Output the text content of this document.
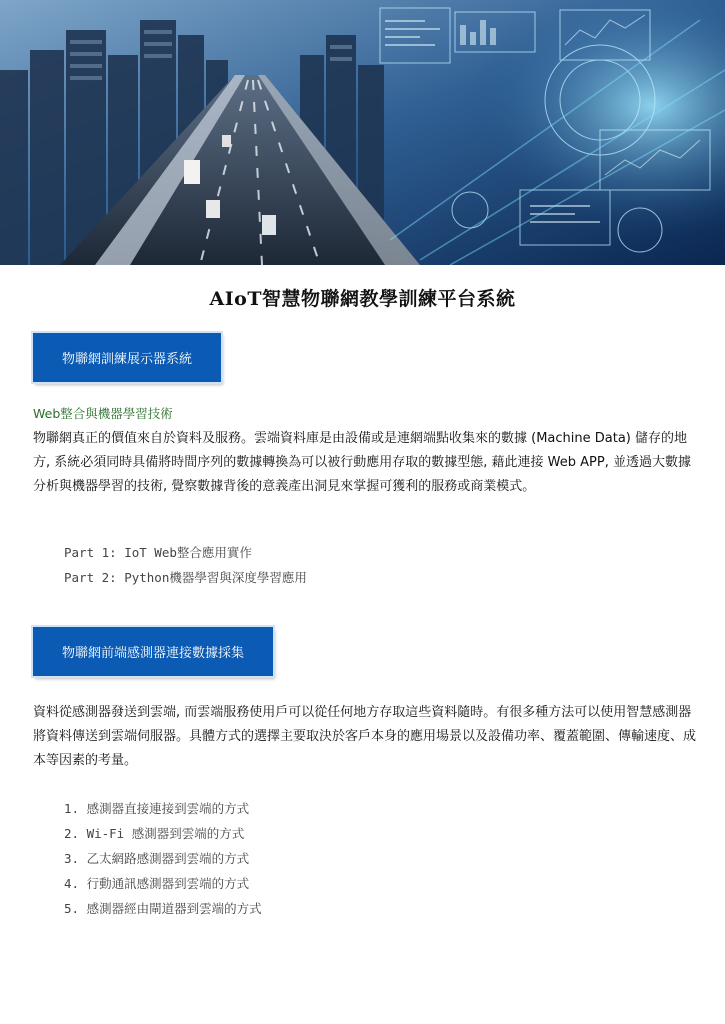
AIoT智慧物聯網教學訓練平台系統
物聯網訓練展示器系統
Web整合與機器學習技術

物聯網真正的價值來自於資料及服務。雲端資料庫是由設備或是連網端點收集來的數據 (Machine Data) 儲存的地方, 系統必須同時具備將時間序列的數據轉換為可以被行動應用存取的數據型態, 藉此連接 Web APP, 並透過大數據分析與機器學習的技術, 覺察數據背後的意義產出洞見來掌握可獲利的服務或商業模式。

Part 1: IoT Web整合應用實作
Part 2: Python機器學習與深度學習應用
物聯網前端感測器連接數據採集

資料從感測器發送到雲端, 而雲端服務使用戶可以從任何地方存取這些資料隨時。有很多種方法可以使用智慧感測器將資料傳送到雲端伺服器。具體方式的選擇主要取決於客戶本身的應用場景以及設備功率、覆蓋範圍、傳輸速度、成本等因素的考量。

1. 感測器直接連接到雲端的方式
2. Wi-Fi 感測器到雲端的方式
3. 乙太網路感測器到雲端的方式
4. 行動通訊感測器到雲端的方式
5. 感測器經由閘道器到雲端的方式
